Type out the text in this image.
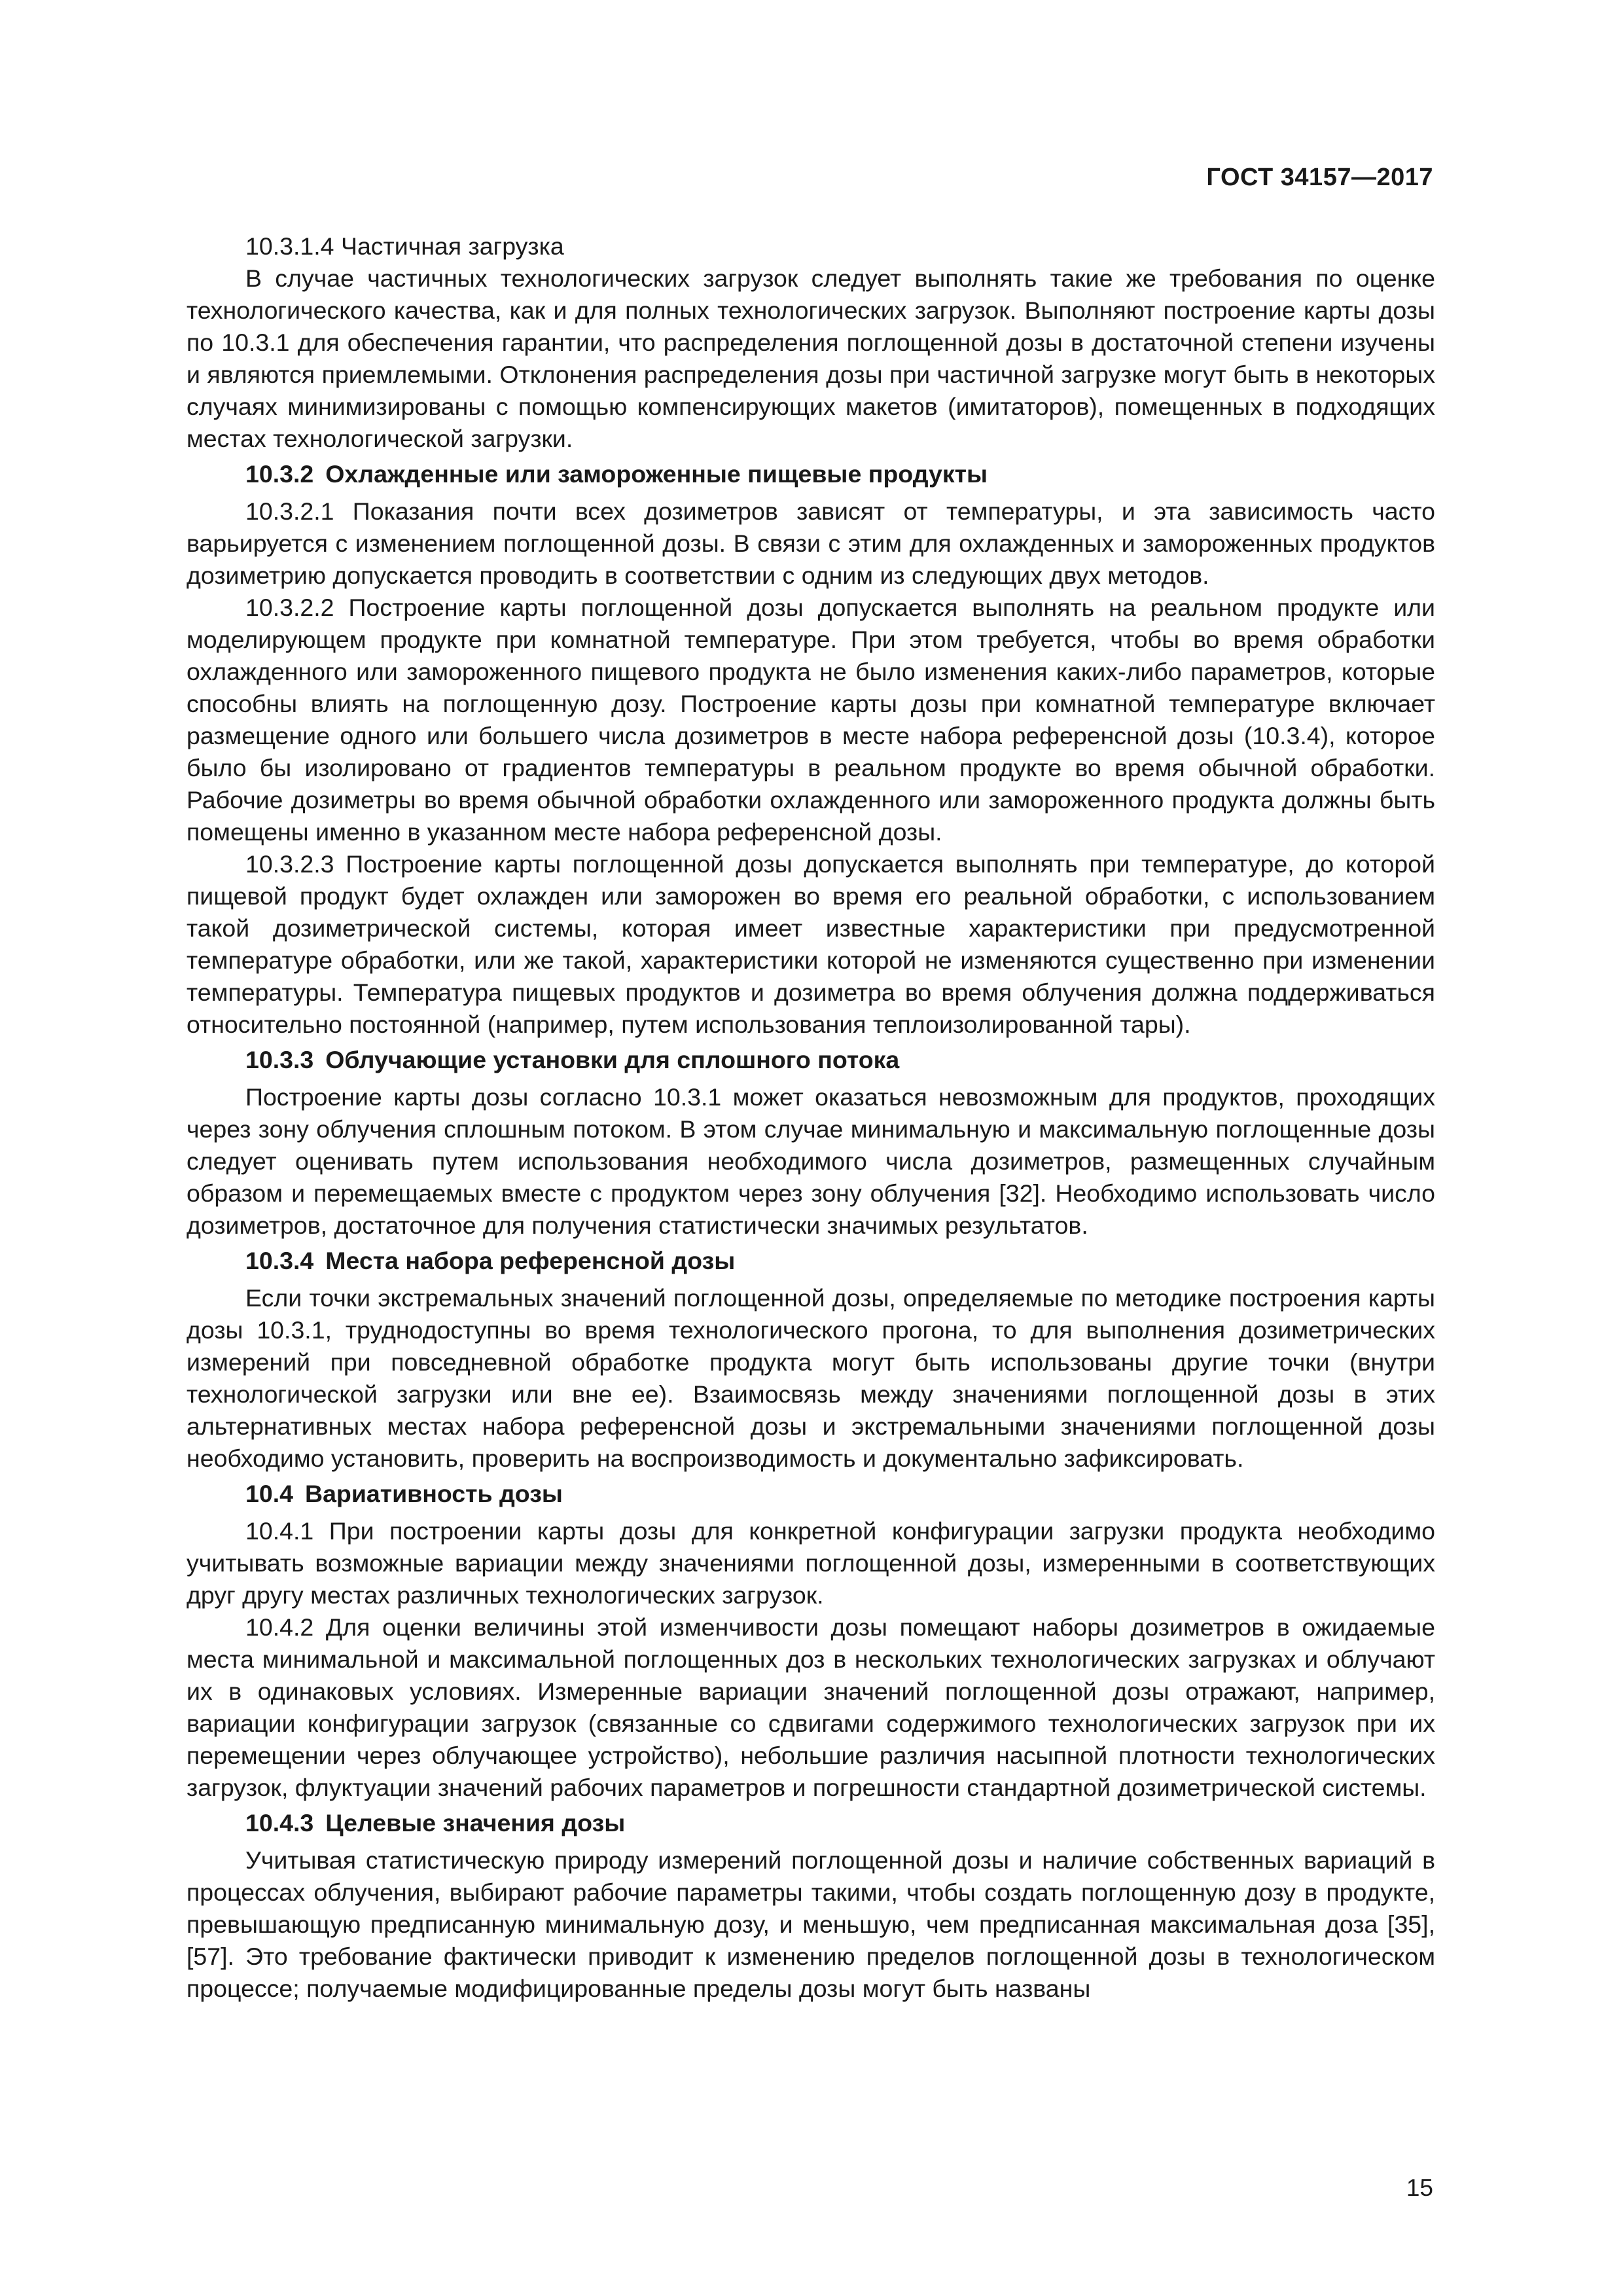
ГОСТ 34157—2017

10.3.1.4 Частичная загрузка

В случае частичных технологических загрузок следует выполнять такие же требования по оценке технологического качества, как и для полных технологических загрузок. Выполняют построение карты дозы по 10.3.1 для обеспечения гарантии, что распределения поглощенной дозы в достаточной степени изучены и являются приемлемыми. Отклонения распределения дозы при частичной загрузке могут быть в некоторых случаях минимизированы с помощью компенсирующих макетов (имитаторов), помещенных в подходящих местах технологической загрузки.

10.3.2 Охлажденные или замороженные пищевые продукты

10.3.2.1 Показания почти всех дозиметров зависят от температуры, и эта зависимость часто варьируется с изменением поглощенной дозы. В связи с этим для охлажденных и замороженных продуктов дозиметрию допускается проводить в соответствии с одним из следующих двух методов.

10.3.2.2 Построение карты поглощенной дозы допускается выполнять на реальном продукте или моделирующем продукте при комнатной температуре. При этом требуется, чтобы во время обработки охлажденного или замороженного пищевого продукта не было изменения каких-либо параметров, которые способны влиять на поглощенную дозу. Построение карты дозы при комнатной температуре включает размещение одного или большего числа дозиметров в месте набора референсной дозы (10.3.4), которое было бы изолировано от градиентов температуры в реальном продукте во время обычной обработки. Рабочие дозиметры во время обычной обработки охлажденного или замороженного продукта должны быть помещены именно в указанном месте набора референсной дозы.

10.3.2.3 Построение карты поглощенной дозы допускается выполнять при температуре, до которой пищевой продукт будет охлажден или заморожен во время его реальной обработки, с использованием такой дозиметрической системы, которая имеет известные характеристики при предусмотренной температуре обработки, или же такой, характеристики которой не изменяются существенно при изменении температуры. Температура пищевых продуктов и дозиметра во время облучения должна поддерживаться относительно постоянной (например, путем использования теплоизолированной тары).

10.3.3 Облучающие установки для сплошного потока

Построение карты дозы согласно 10.3.1 может оказаться невозможным для продуктов, проходящих через зону облучения сплошным потоком. В этом случае минимальную и максимальную поглощенные дозы следует оценивать путем использования необходимого числа дозиметров, размещенных случайным образом и перемещаемых вместе с продуктом через зону облучения [32]. Необходимо использовать число дозиметров, достаточное для получения статистически значимых результатов.

10.3.4 Места набора референсной дозы

Если точки экстремальных значений поглощенной дозы, определяемые по методике построения карты дозы 10.3.1, труднодоступны во время технологического прогона, то для выполнения дозиметрических измерений при повседневной обработке продукта могут быть использованы другие точки (внутри технологической загрузки или вне ее). Взаимосвязь между значениями поглощенной дозы в этих альтернативных местах набора референсной дозы и экстремальными значениями поглощенной дозы необходимо установить, проверить на воспроизводимость и документально зафиксировать.

10.4 Вариативность дозы

10.4.1 При построении карты дозы для конкретной конфигурации загрузки продукта необходимо учитывать возможные вариации между значениями поглощенной дозы, измеренными в соответствующих друг другу местах различных технологических загрузок.

10.4.2 Для оценки величины этой изменчивости дозы помещают наборы дозиметров в ожидаемые места минимальной и максимальной поглощенных доз в нескольких технологических загрузках и облучают их в одинаковых условиях. Измеренные вариации значений поглощенной дозы отражают, например, вариации конфигурации загрузок (связанные со сдвигами содержимого технологических загрузок при их перемещении через облучающее устройство), небольшие различия насыпной плотности технологических загрузок, флуктуации значений рабочих параметров и погрешности стандартной дозиметрической системы.

10.4.3 Целевые значения дозы

Учитывая статистическую природу измерений поглощенной дозы и наличие собственных вариаций в процессах облучения, выбирают рабочие параметры такими, чтобы создать поглощенную дозу в продукте, превышающую предписанную минимальную дозу, и меньшую, чем предписанная максимальная доза [35], [57]. Это требование фактически приводит к изменению пределов поглощенной дозы в технологическом процессе; получаемые модифицированные пределы дозы могут быть названы

15
